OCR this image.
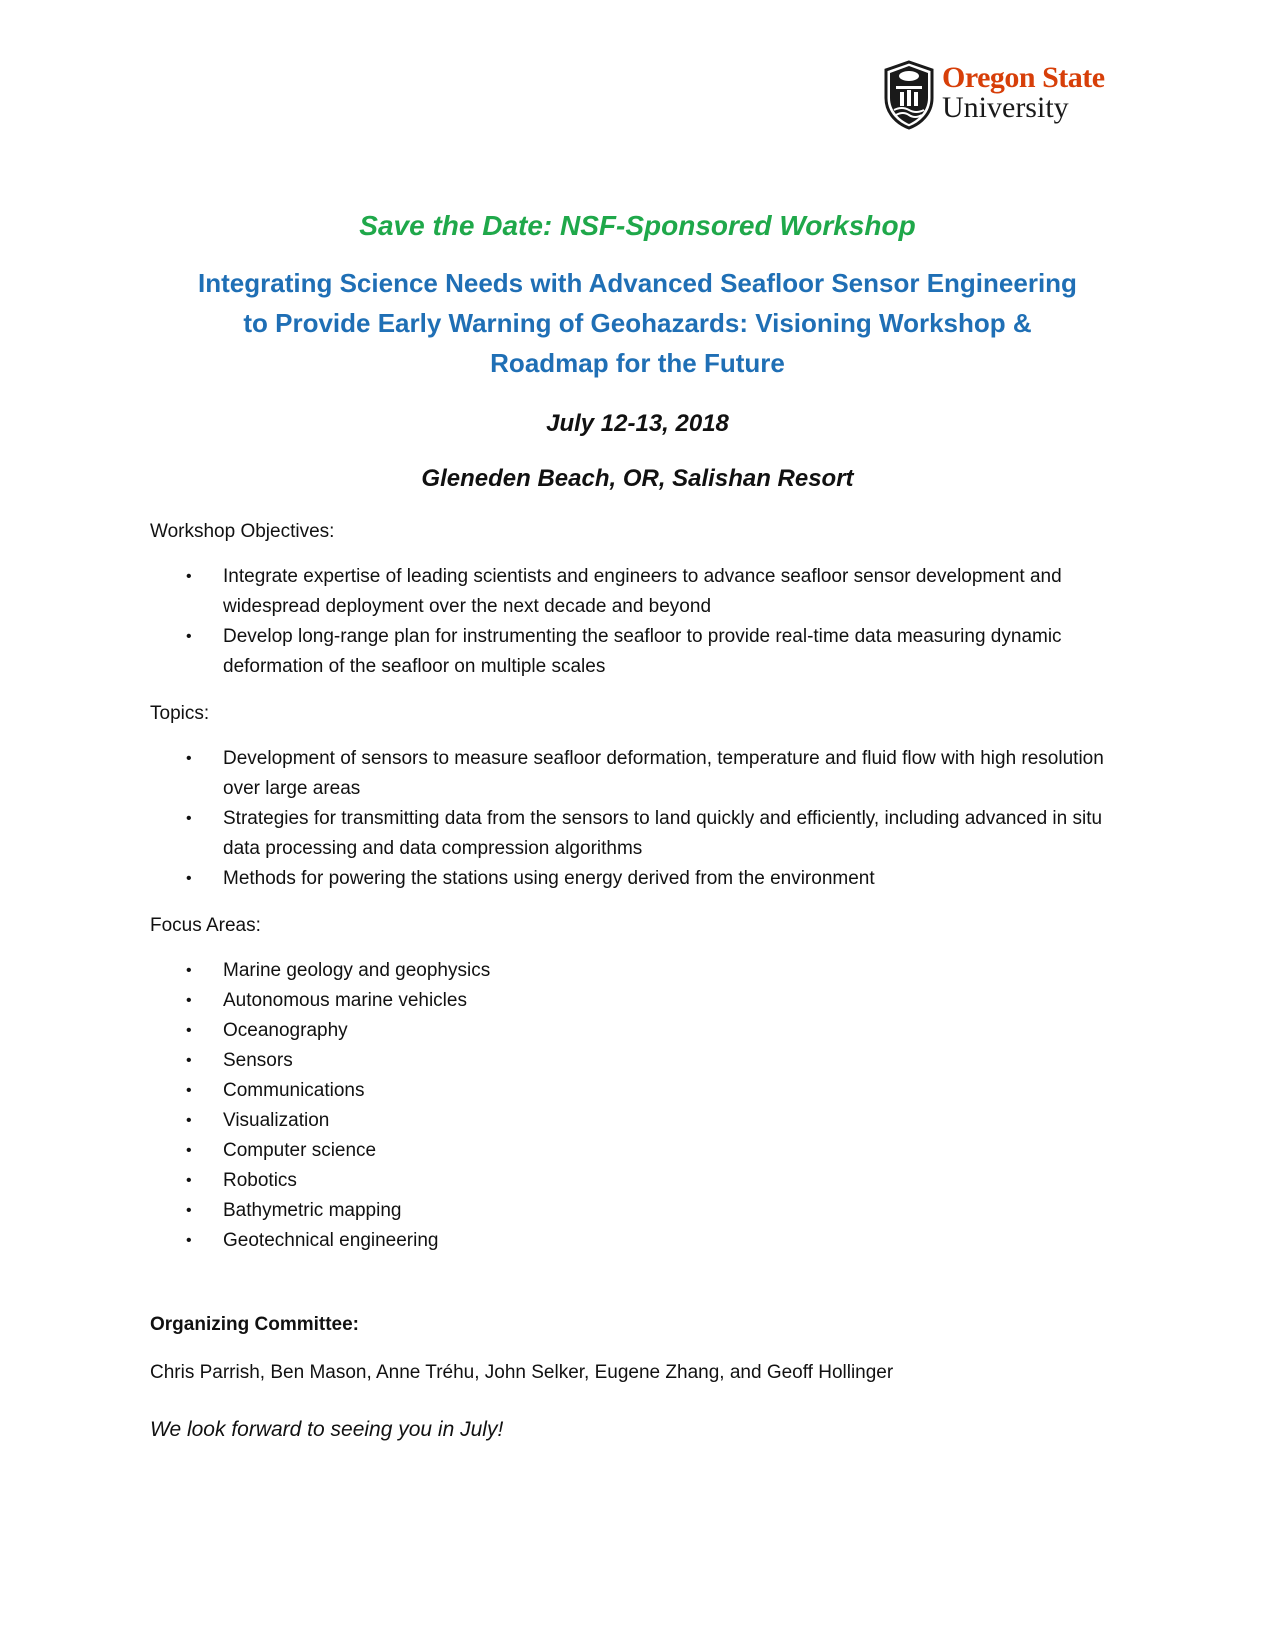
Oregon State
University
Save the Date: NSF-Sponsored Workshop
Integrating Science Needs with Advanced Seafloor Sensor Engineering
to Provide Early Warning of Geohazards: Visioning Workshop &
Roadmap for the Future
July 12-13, 2018
Gleneden Beach, OR, Salishan Resort
Workshop Objectives:
• Integrate expertise of leading scientists and engineers to advance seafloor sensor development and widespread deployment over the next decade and beyond
• Develop long-range plan for instrumenting the seafloor to provide real-time data measuring dynamic deformation of the seafloor on multiple scales
Topics:
• Development of sensors to measure seafloor deformation, temperature and fluid flow with high resolution over large areas
• Strategies for transmitting data from the sensors to land quickly and efficiently, including advanced in situ data processing and data compression algorithms
• Methods for powering the stations using energy derived from the environment
Focus Areas:
• Marine geology and geophysics
• Autonomous marine vehicles
• Oceanography
• Sensors
• Communications
• Visualization
• Computer science
• Robotics
• Bathymetric mapping
• Geotechnical engineering
Organizing Committee:
Chris Parrish, Ben Mason, Anne Tréhu, John Selker, Eugene Zhang, and Geoff Hollinger
We look forward to seeing you in July!
